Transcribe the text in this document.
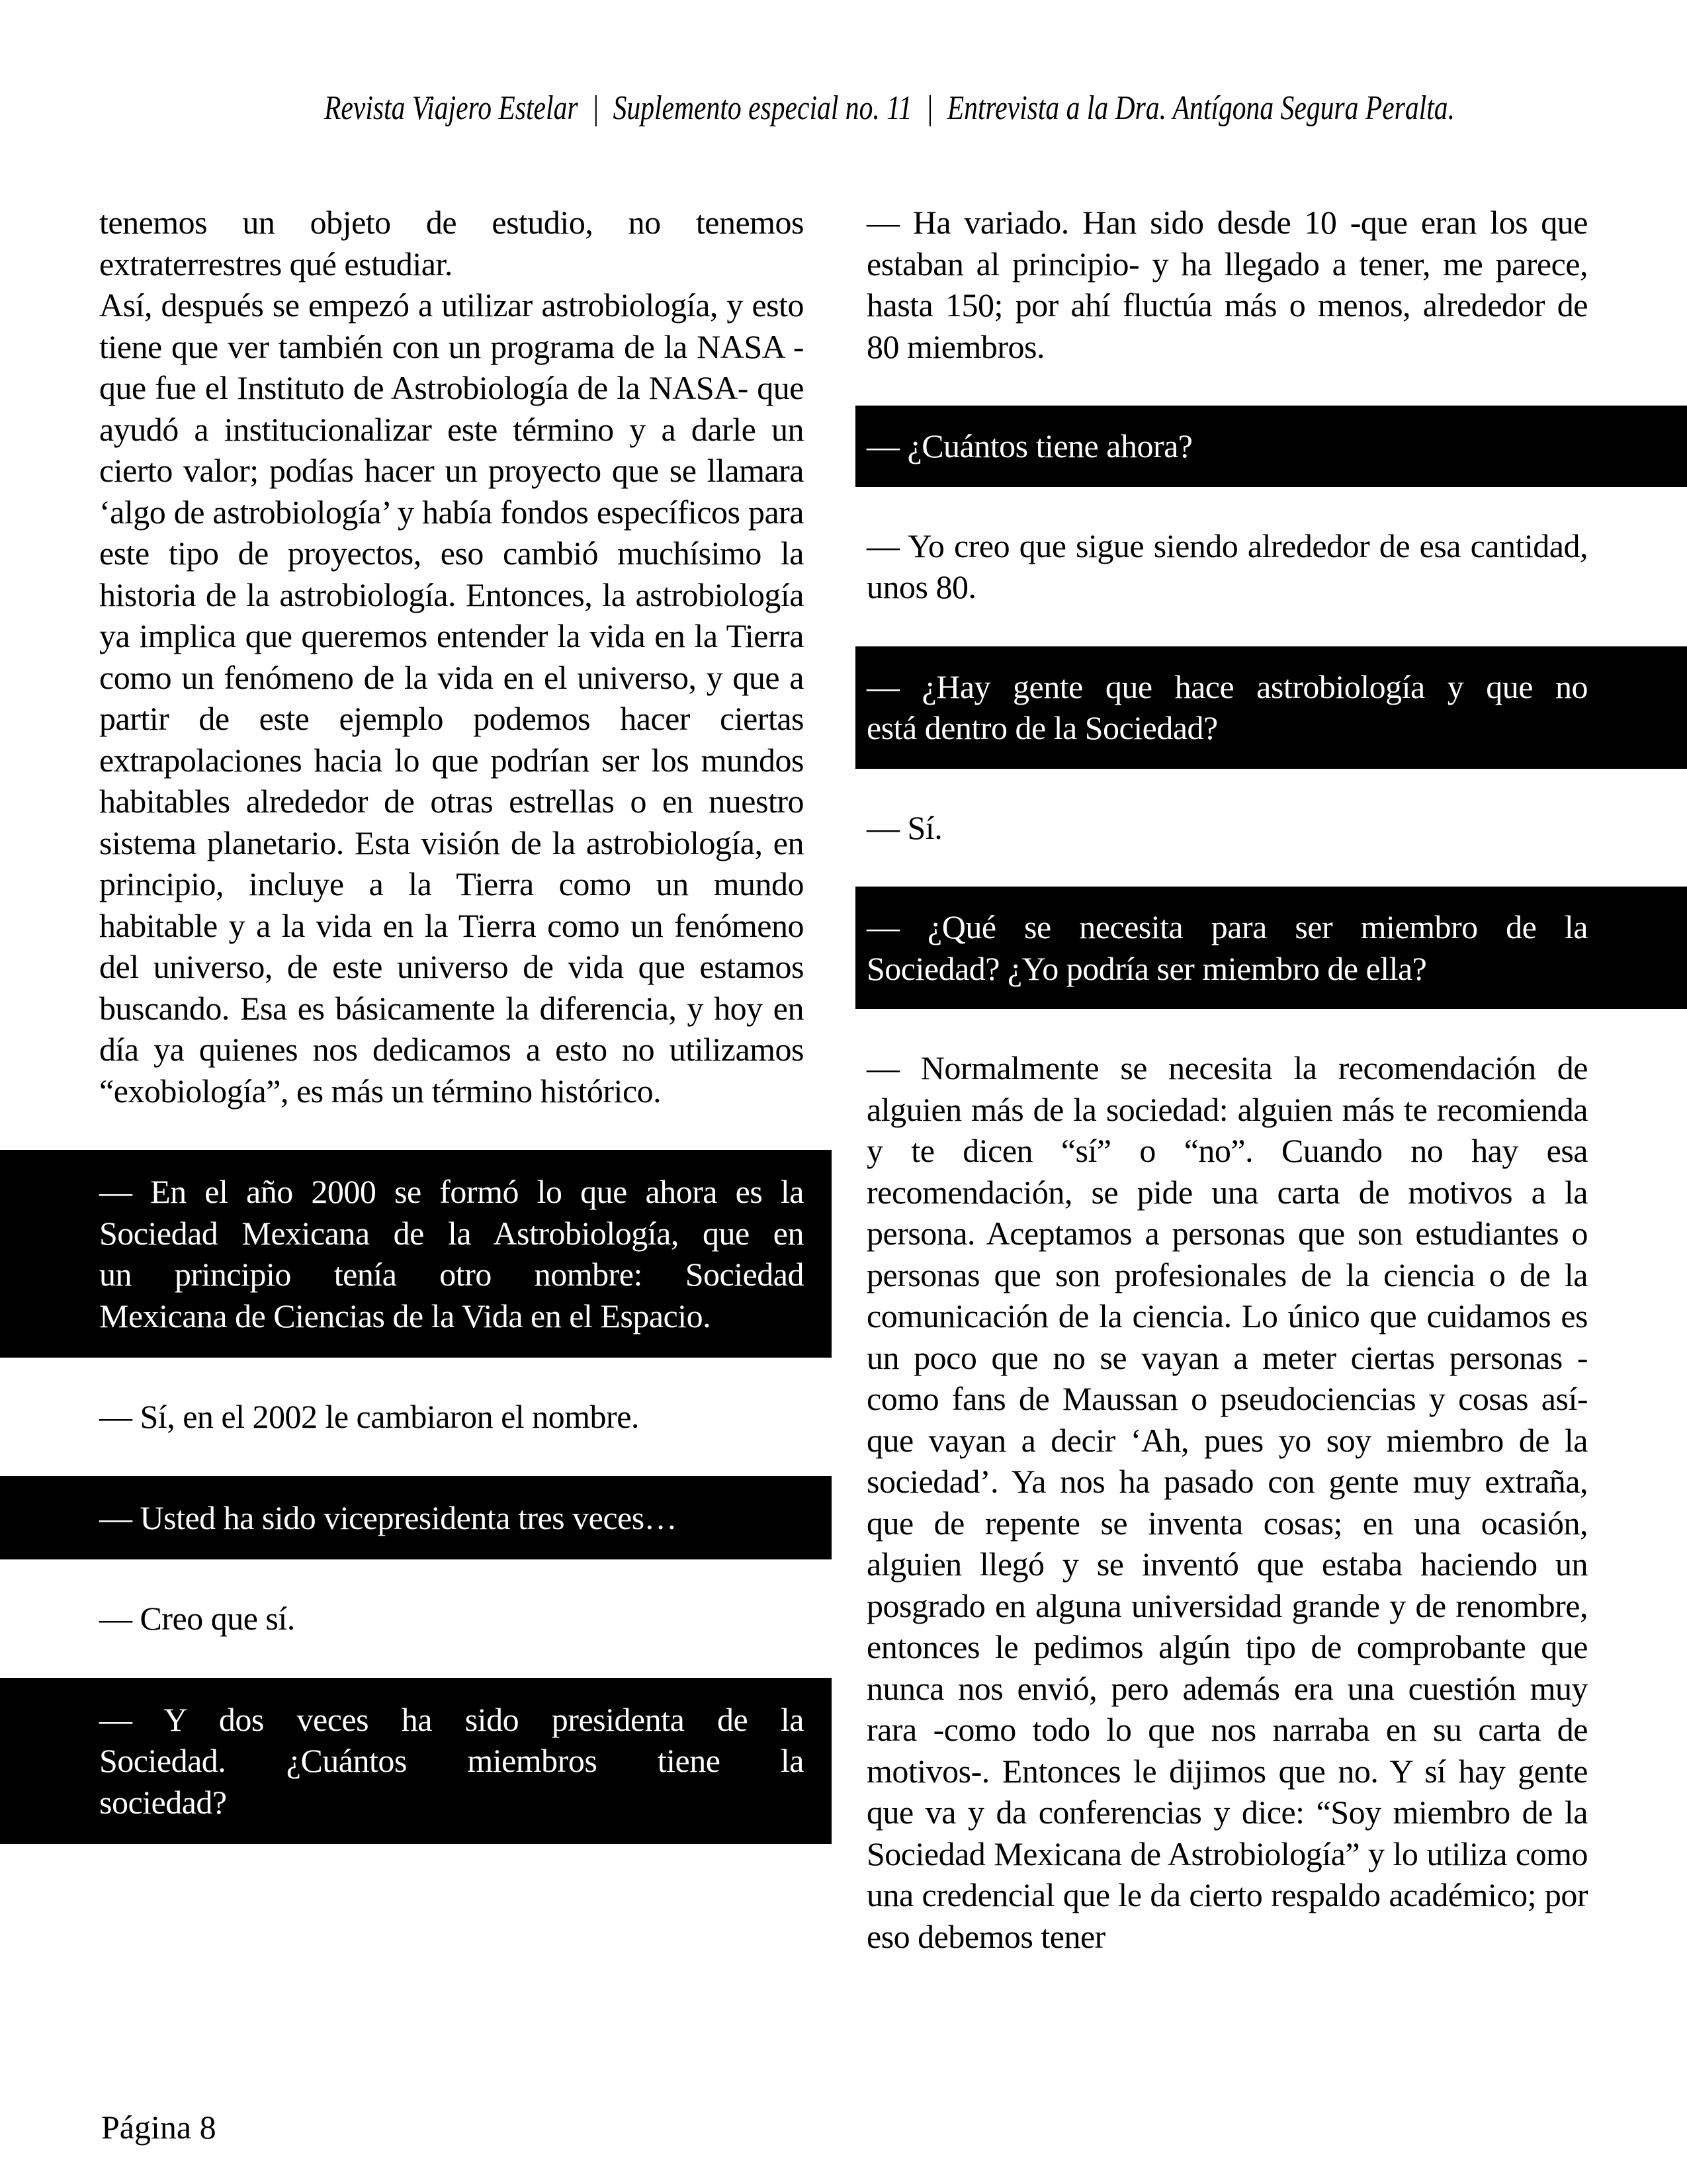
Revista Viajero Estelar  |  Suplemento especial no. 11  |  Entrevista a la Dra. Antígona Segura Peralta.

tenemos un objeto de estudio, no tenemos extraterrestres qué estudiar.

Así, después se empezó a utilizar astrobiología, y esto tiene que ver también con un programa de la NASA -que fue el Instituto de Astrobiología de la NASA- que ayudó a institucionalizar este término y a darle un cierto valor; podías hacer un proyecto que se llamara ‘algo de astrobiología’ y había fondos específicos para este tipo de proyectos, eso cambió muchísimo la historia de la astrobiología. Entonces, la astrobiología ya implica que queremos entender la vida en la Tierra como un fenómeno de la vida en el universo, y que a partir de este ejemplo podemos hacer ciertas extrapolaciones hacia lo que podrían ser los mundos habitables alrededor de otras estrellas o en nuestro sistema planetario. Esta visión de la astrobiología, en principio, incluye a la Tierra como un mundo habitable y a la vida en la Tierra como un fenómeno del universo, de este universo de vida que estamos buscando. Esa es básicamente la diferencia, y hoy en día ya quienes nos dedicamos a esto no utilizamos “exobiología”, es más un término histórico.

— En el año 2000 se formó lo que ahora es la
Sociedad Mexicana de la Astrobiología, que en
un principio tenía otro nombre: Sociedad
Mexicana de Ciencias de la Vida en el Espacio.

— Sí, en el 2002 le cambiaron el nombre.

— Usted ha sido vicepresidenta tres veces…

— Creo que sí.

— Y dos veces ha sido presidenta de la
Sociedad. ¿Cuántos miembros tiene la
sociedad?

— Ha variado. Han sido desde 10 -que eran los que estaban al principio- y ha llegado a tener, me parece, hasta 150; por ahí fluctúa más o menos, alrededor de 80 miembros.

— ¿Cuántos tiene ahora?

— Yo creo que sigue siendo alrededor de esa cantidad, unos 80.

— ¿Hay gente que hace astrobiología y que no
está dentro de la Sociedad?

— Sí.

— ¿Qué se necesita para ser miembro de la
Sociedad? ¿Yo podría ser miembro de ella?

— Normalmente se necesita la recomendación de alguien más de la sociedad: alguien más te recomienda y te dicen “sí” o “no”. Cuando no hay esa recomendación, se pide una carta de motivos a la persona. Aceptamos a personas que son estudiantes o personas que son profesionales de la ciencia o de la comunicación de la ciencia. Lo único que cuidamos es un poco que no se vayan a meter ciertas personas -como fans de Maussan o pseudociencias y cosas así- que vayan a decir ‘Ah, pues yo soy miembro de la sociedad’. Ya nos ha pasado con gente muy extraña, que de repente se inventa cosas; en una ocasión, alguien llegó y se inventó que estaba haciendo un posgrado en alguna universidad grande y de renombre, entonces le pedimos algún tipo de comprobante que nunca nos envió, pero además era una cuestión muy rara -como todo lo que nos narraba en su carta de motivos-. Entonces le dijimos que no. Y sí hay gente que va y da conferencias y dice: “Soy miembro de la Sociedad Mexicana de Astrobiología” y lo utiliza como una credencial que le da cierto respaldo académico; por eso debemos tener

Página 8
